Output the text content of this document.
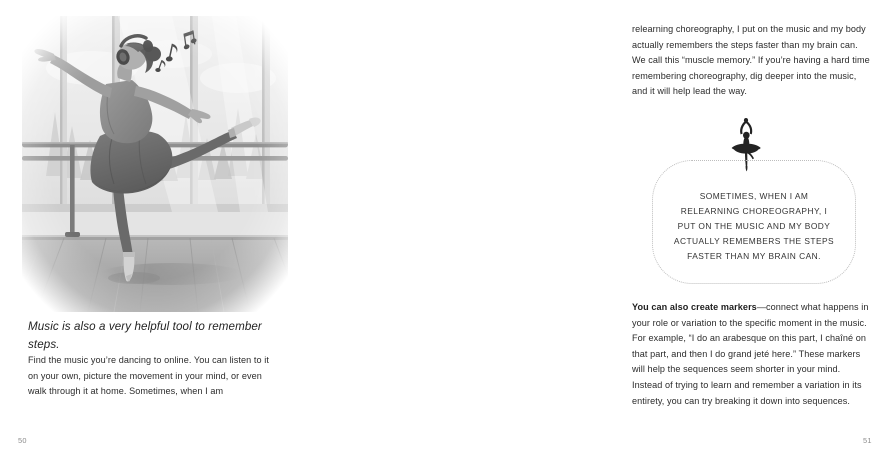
Music is also a very helpful tool to remember steps.

Find the music you’re dancing to online. You can listen to it on your own, picture the movement in your mind, or even walk through it at home. Sometimes, when I am

50

relearning choreography, I put on the music and my body actually remembers the steps faster than my brain can. We call this “muscle memory.” If you’re having a hard time remembering choreography, dig deeper into the music, and it will help lead the way.

SOMETIMES, WHEN I AM
RELEARNING CHOREOGRAPHY, I
PUT ON THE MUSIC AND MY BODY
ACTUALLY REMEMBERS THE STEPS
FASTER THAN MY BRAIN CAN.

You can also create markers—connect what happens in your role or variation to the specific moment in the music. For example, “I do an arabesque on this part, I chaîné on that part, and then I do grand jeté here.” These markers will help the sequences seem shorter in your mind. Instead of trying to learn and remember a variation in its entirety, you can try breaking it down into sequences.

51
